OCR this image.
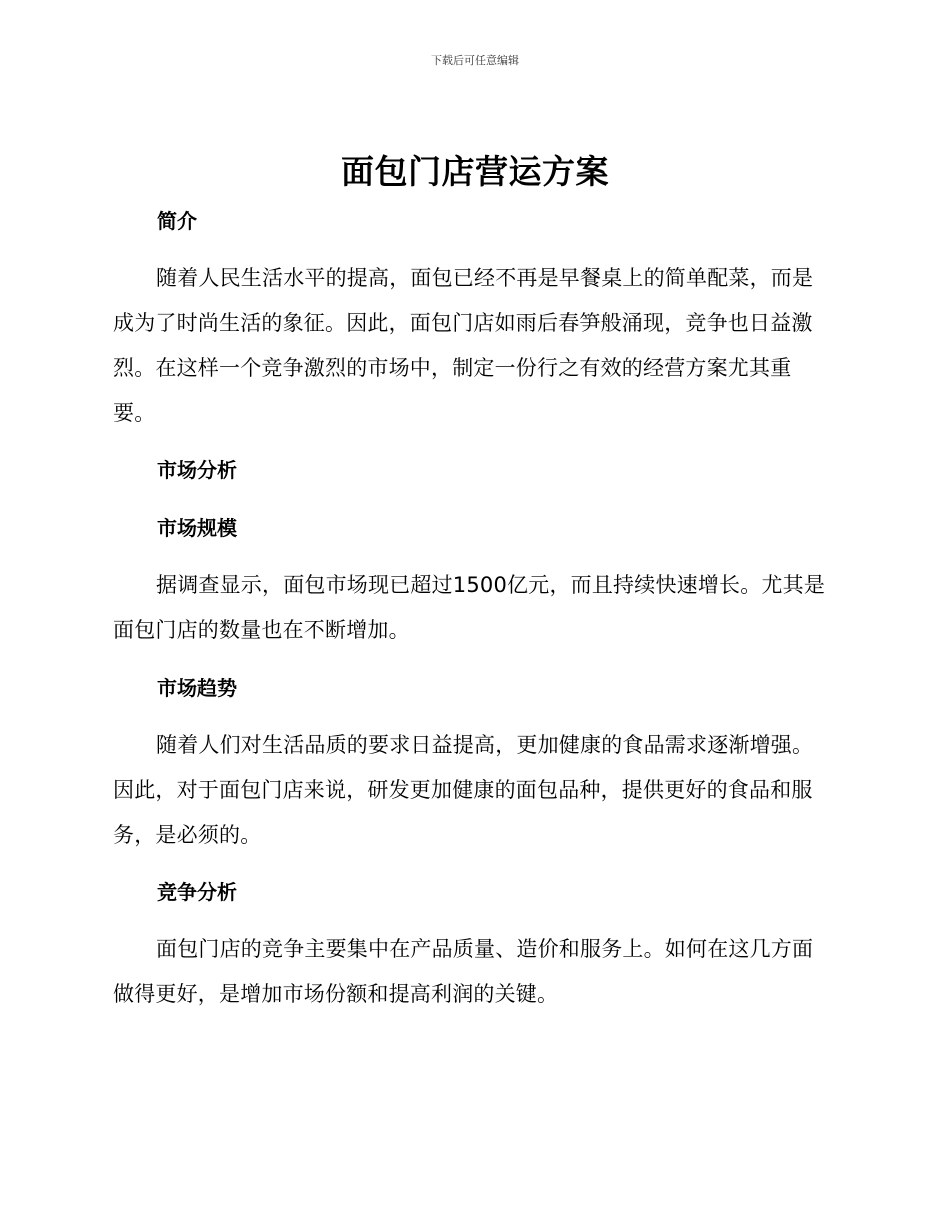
下载后可任意编辑
面包门店营运方案
简介

随着人民生活水平的提高，面包已经不再是早餐桌上的简单配菜，而是成为了时尚生活的象征。因此，面包门店如雨后春笋般涌现，竞争也日益激烈。在这样一个竞争激烈的市场中，制定一份行之有效的经营方案尤其重要。

市场分析
市场规模

据调查显示，面包市场现已超过1500亿元，而且持续快速增长。尤其是面包门店的数量也在不断增加。

市场趋势

随着人们对生活品质的要求日益提高，更加健康的食品需求逐渐增强。因此，对于面包门店来说，研发更加健康的面包品种，提供更好的食品和服务，是必须的。

竞争分析

面包门店的竞争主要集中在产品质量、造价和服务上。如何在这几方面做得更好，是增加市场份额和提高利润的关键。
